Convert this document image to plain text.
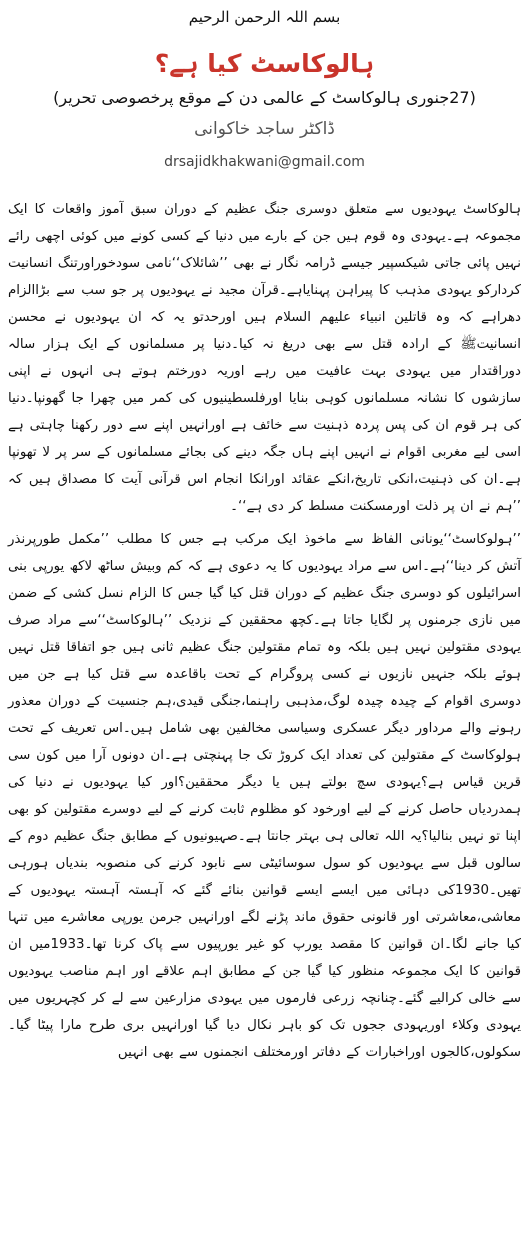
بسم اللہ الرحمن الرحیم
ہالوکاسٹ کیا ہے؟
(27جنوری ہالوکاسٹ کے عالمی دن کے موقع پرخصوصی تحریر)
ڈاکٹر ساجد خاکوانی
drsajidkhakwani@gmail.com

ہالوکاسٹ یہودیوں سے متعلق دوسری جنگ عظیم کے دوران سبق آموز واقعات کا ایک مجموعہ ہے۔یہودی وہ قوم ہیں جن کے بارے میں دنیا کے کسی کونے میں کوئی اچھی رائے نہیں پائی جاتی شیکسپیر جیسے ڈرامہ نگار نے بھی ’’شائلاک‘‘نامی سودخوراورتنگ انسانیت کردارکو یہودی مذہب کا پیراہن پہنایاہے۔قرآن مجید نے یہودیوں پر جو سب سے بڑاالزام دھراہے کہ وہ قاتلین انبیاء علیھم السلام ہیں اورحدتو یہ کہ ان یہودیوں نے محسن انسانیتﷺ کے ارادہ قتل سے بھی دریغ نہ کیا۔دنیا پر مسلمانوں کے ایک ہزار سالہ دوراقتدار میں یہودی بہت عافیت میں رہے اوریہ دورختم ہوتے ہی انہوں نے اپنی سازشوں کا نشانہ مسلمانوں کوہی بنایا اورفلسطینیوں کی کمر میں چھرا جا گھونپا۔دنیا کی ہر قوم ان کی پس پردہ ذہنیت سے خائف ہے اورانہیں اپنے سے دور رکھنا چاہتی ہے اسی لیے مغربی اقوام نے انہیں اپنے ہاں جگہ دینے کی بجائے مسلمانوں کے سر پر لا تھونپا ہے۔ان کی ذہنیت،انکی تاریخ،انکے عقائد اورانکا انجام اس قرآنی آیت کا مصداق ہیں کہ ’’ہم نے ان پر ذلت اورمسکنت مسلط کر دی ہے‘‘۔

’’ہولوکاسٹ‘‘یونانی الفاظ سے ماخوذ ایک مرکب ہے جس کا مطلب ’’مکمل طورپرنذر آتش کر دینا‘‘ہے۔اس سے مراد یہودیوں کا یہ دعوی ہے کہ کم وبیش ساٹھ لاکھ یورپی بنی اسرائیلوں کو دوسری جنگ عظیم کے دوران قتل کیا گیا جس کا الزام نسل کشی کے ضمن میں نازی جرمنوں پر لگایا جاتا ہے۔کچھ محققین کے نزدیک ’’ہالوکاسٹ‘‘سے مراد صرف یہودی مقتولین نہیں ہیں بلکہ وہ تمام مقتولین جنگ عظیم ثانی ہیں جو اتفاقا قتل نہیں ہوئے بلکہ جنہیں نازیوں نے کسی پروگرام کے تحت باقاعدہ سے قتل کیا ہے جن میں دوسری اقوام کے چیدہ چیدہ لوگ،مذہبی راہنما،جنگی قیدی،ہم جنسیت کے دوران معذور رہونے والے مرداور دیگر عسکری وسیاسی مخالفین بھی شامل ہیں۔اس تعریف کے تحت ہولوکاسٹ کے مقتولین کی تعداد ایک کروڑ تک جا پہنچتی ہے۔ان دونوں آرا میں کون سی قرین قیاس ہے؟یہودی سچ بولتے ہیں یا دیگر محققین؟اور کیا یہودیوں نے دنیا کی ہمدردیاں حاصل کرنے کے لیے اورخود کو مظلوم ثابت کرنے کے لیے دوسرے مقتولین کو بھی اپنا تو نہیں بنالیا؟یہ اللہ تعالی ہی بہتر جانتا ہے۔صہیونیوں کے مطابق جنگ عظیم دوم کے سالوں قبل سے یہودیوں کو سول سوسائیٹی سے نابود کرنے کی منصوبہ بندیاں ہورہی تھیں۔1930کی دہائی میں ایسے ایسے قوانین بنائے گئے کہ آہستہ آہستہ یہودیوں کے معاشی،معاشرتی اور قانونی حقوق ماند پڑنے لگے اورانہیں جرمن یورپی معاشرے میں تنہا کیا جانے لگا۔ان قوانین کا مقصد یورپ کو غیر یورپیوں سے پاک کرنا تھا۔1933میں ان قوانین کا ایک مجموعہ منظور کیا گیا جن کے مطابق اہم علاقے اور اہم مناصب یہودیوں سے خالی کرالیے گئے۔چنانچہ زرعی فارموں میں یہودی مزارعین سے لے کر کچہریوں میں یہودی وکلاء اوریہودی ججوں تک کو باہر نکال دیا گیا اورانہیں بری طرح مارا پیٹا گیا۔سکولوں،کالجوں اوراخبارات کے دفاتر اورمختلف انجمنوں سے بھی انہیں
